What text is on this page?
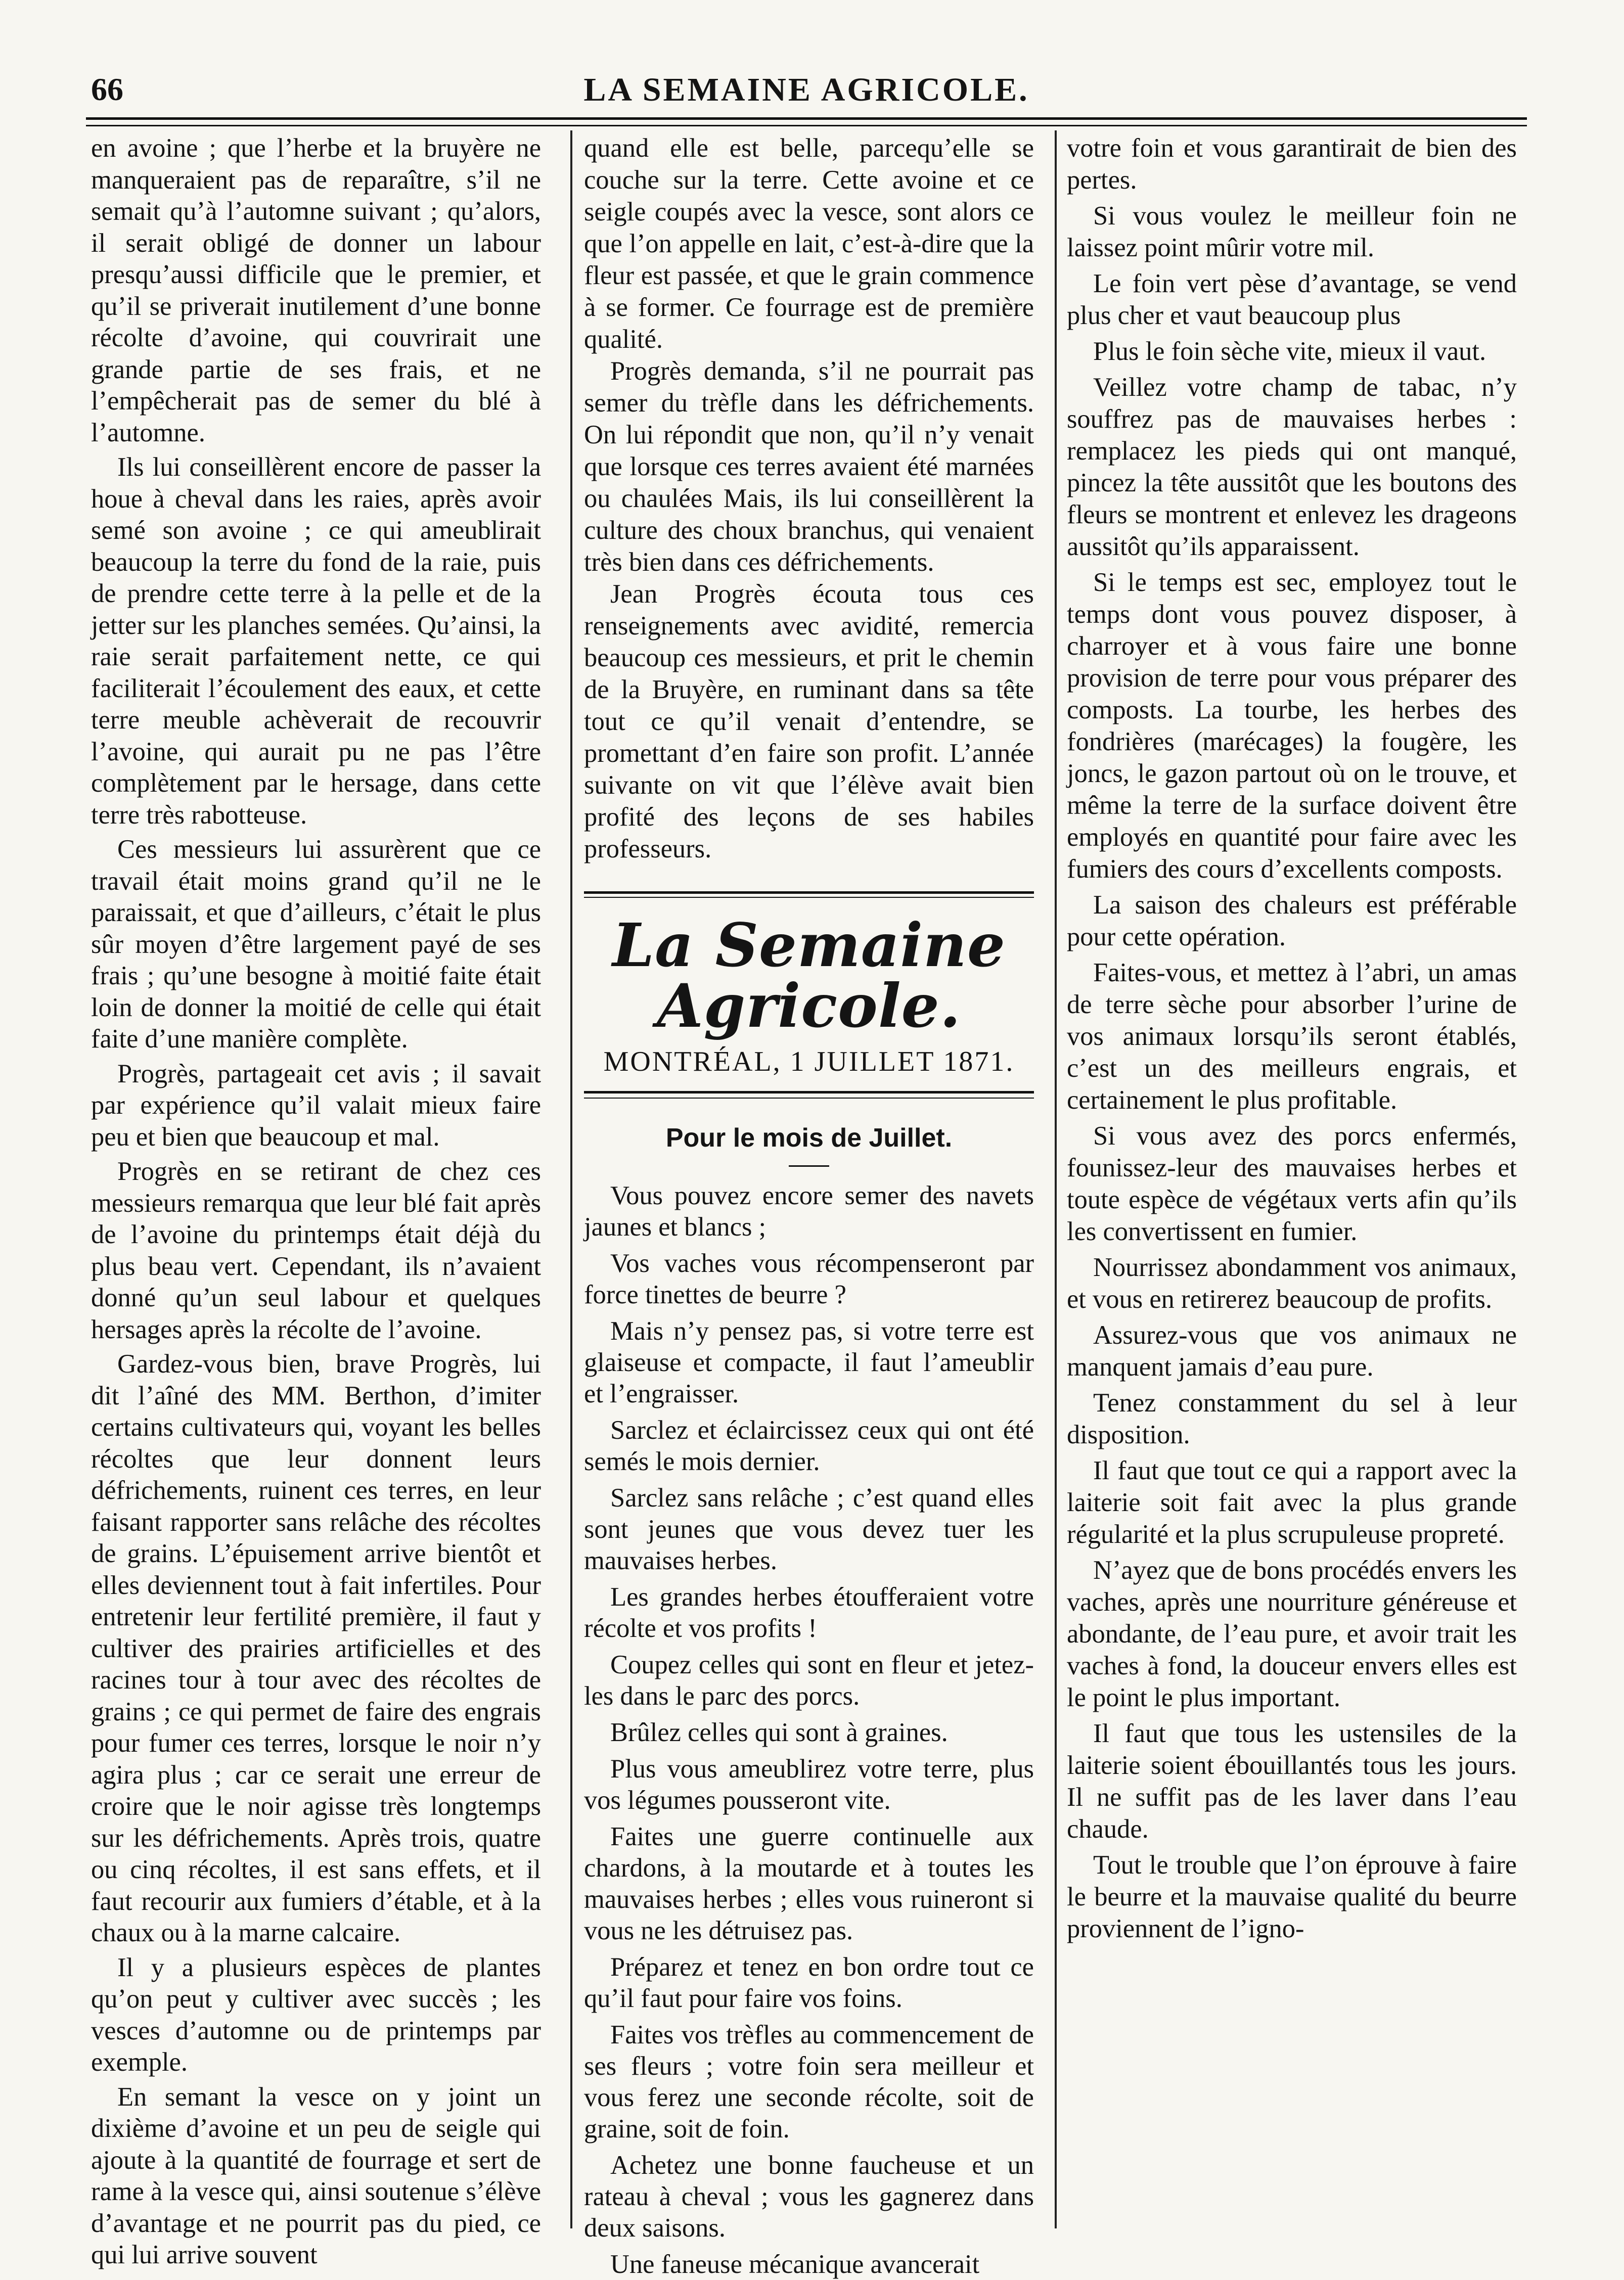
66	LA SEMAINE AGRICOLE.

en avoine ; que l’herbe et la bruyère ne manqueraient pas de reparaître, s’il ne semait qu’à l’automne suivant ; qu’alors, il serait obligé de donner un labour presqu’aussi difficile que le premier, et qu’il se priverait inutilement d’une bonne récolte d’avoine, qui couvrirait une grande partie de ses frais, et ne l’empêcherait pas de semer du blé à l’automne.

Ils lui conseillèrent encore de passer la houe à cheval dans les raies, après avoir semé son avoine ; ce qui ameublirait beaucoup la terre du fond de la raie, puis de prendre cette terre à la pelle et de la jetter sur les planches semées. Qu’ainsi, la raie serait parfaitement nette, ce qui faciliterait l’écoulement des eaux, et cette terre meuble achèverait de recouvrir l’avoine, qui aurait pu ne pas l’être complètement par le hersage, dans cette terre très rabotteuse.

Ces messieurs lui assurèrent que ce travail était moins grand qu’il ne le paraissait, et que d’ailleurs, c’était le plus sûr moyen d’être largement payé de ses frais ; qu’une besogne à moitié faite était loin de donner la moitié de celle qui était faite d’une manière complète.

Progrès, partageait cet avis ; il savait par expérience qu’il valait mieux faire peu et bien que beaucoup et mal.

Progrès en se retirant de chez ces messieurs remarqua que leur blé fait après de l’avoine du printemps était déjà du plus beau vert. Cependant, ils n’avaient donné qu’un seul labour et quelques hersages après la récolte de l’avoine.

Gardez-vous bien, brave Progrès, lui dit l’aîné des MM. Berthon, d’imiter certains cultivateurs qui, voyant les belles récoltes que leur donnent leurs défrichements, ruinent ces terres, en leur faisant rapporter sans relâche des récoltes de grains. L’épuisement arrive bientôt et elles deviennent tout à fait infertiles. Pour entretenir leur fertilité première, il faut y cultiver des prairies artificielles et des racines tour à tour avec des récoltes de grains ; ce qui permet de faire des engrais pour fumer ces terres, lorsque le noir n’y agira plus ; car ce serait une erreur de croire que le noir agisse très longtemps sur les défrichements. Après trois, quatre ou cinq récoltes, il est sans effets, et il faut recourir aux fumiers d’étable, et à la chaux ou à la marne calcaire.

Il y a plusieurs espèces de plantes qu’on peut y cultiver avec succès ; les vesces d’automne ou de printemps par exemple.

En semant la vesce on y joint un dixième d’avoine et un peu de seigle qui ajoute à la quantité de fourrage et sert de rame à la vesce qui, ainsi soutenue s’élève d’avantage et ne pourrit pas du pied, ce qui lui arrive souvent

quand elle est belle, parcequ’elle se couche sur la terre. Cette avoine et ce seigle coupés avec la vesce, sont alors ce que l’on appelle en lait, c’est-à-dire que la fleur est passée, et que le grain commence à se former. Ce fourrage est de première qualité.

Progrès demanda, s’il ne pourrait pas semer du trèfle dans les défrichements. On lui répondit que non, qu’il n’y venait que lorsque ces terres avaient été marnées ou chaulées Mais, ils lui conseillèrent la culture des choux branchus, qui venaient très bien dans ces défrichements.

Jean Progrès écouta tous ces renseignements avec avidité, remercia beaucoup ces messieurs, et prit le chemin de la Bruyère, en ruminant dans sa tête tout ce qu’il venait d’entendre, se promettant d’en faire son profit. L’année suivante on vit que l’élève avait bien profité des leçons de ses habiles professeurs.

La Semaine Agricole.
MONTRÉAL, 1 JUILLET 1871.
Pour le mois de Juillet.

Vous pouvez encore semer des navets jaunes et blancs ;

Vos vaches vous récompenseront par force tinettes de beurre ?

Mais n’y pensez pas, si votre terre est glaiseuse et compacte, il faut l’ameublir et l’engraisser.

Sarclez et éclaircissez ceux qui ont été semés le mois dernier.

Sarclez sans relâche ; c’est quand elles sont jeunes que vous devez tuer les mauvaises herbes.

Les grandes herbes étoufferaient votre récolte et vos profits !

Coupez celles qui sont en fleur et jetez-les dans le parc des porcs.

Brûlez celles qui sont à graines.

Plus vous ameublirez votre terre, plus vos légumes pousseront vite.

Faites une guerre continuelle aux chardons, à la moutarde et à toutes les mauvaises herbes ; elles vous ruineront si vous ne les détruisez pas.

Préparez et tenez en bon ordre tout ce qu’il faut pour faire vos foins.

Faites vos trèfles au commencement de ses fleurs ; votre foin sera meilleur et vous ferez une seconde récolte, soit de graine, soit de foin.

Achetez une bonne faucheuse et un rateau à cheval ; vous les gagnerez dans deux saisons.

Une faneuse mécanique avancerait

votre foin et vous garantirait de bien des pertes.

Si vous voulez le meilleur foin ne laissez point mûrir votre mil.

Le foin vert pèse d’avantage, se vend plus cher et vaut beaucoup plus

Plus le foin sèche vite, mieux il vaut.

Veillez votre champ de tabac, n’y souffrez pas de mauvaises herbes : remplacez les pieds qui ont manqué, pincez la tête aussitôt que les boutons des fleurs se montrent et enlevez les drageons aussitôt qu’ils apparaissent.

Si le temps est sec, employez tout le temps dont vous pouvez disposer, à charroyer et à vous faire une bonne provision de terre pour vous préparer des composts. La tourbe, les herbes des fondrières (marécages) la fougère, les joncs, le gazon partout où on le trouve, et même la terre de la surface doivent être employés en quantité pour faire avec les fumiers des cours d’excellents composts.

La saison des chaleurs est préférable pour cette opération.

Faites-vous, et mettez à l’abri, un amas de terre sèche pour absorber l’urine de vos animaux lorsqu’ils seront établés, c’est un des meilleurs engrais, et certainement le plus profitable.

Si vous avez des porcs enfermés, founissez-leur des mauvaises herbes et toute espèce de végétaux verts afin qu’ils les convertissent en fumier.

Nourrissez abondamment vos animaux, et vous en retirerez beaucoup de profits.

Assurez-vous que vos animaux ne manquent jamais d’eau pure.

Tenez constamment du sel à leur disposition.

Il faut que tout ce qui a rapport avec la laiterie soit fait avec la plus grande régularité et la plus scrupuleuse propreté.

N’ayez que de bons procédés envers les vaches, après une nourriture généreuse et abondante, de l’eau pure, et avoir trait les vaches à fond, la douceur envers elles est le point le plus important.

Il faut que tous les ustensiles de la laiterie soient ébouillantés tous les jours. Il ne suffit pas de les laver dans l’eau chaude.

Tout le trouble que l’on éprouve à faire le beurre et la mauvaise qualité du beurre proviennent de l’igno-
